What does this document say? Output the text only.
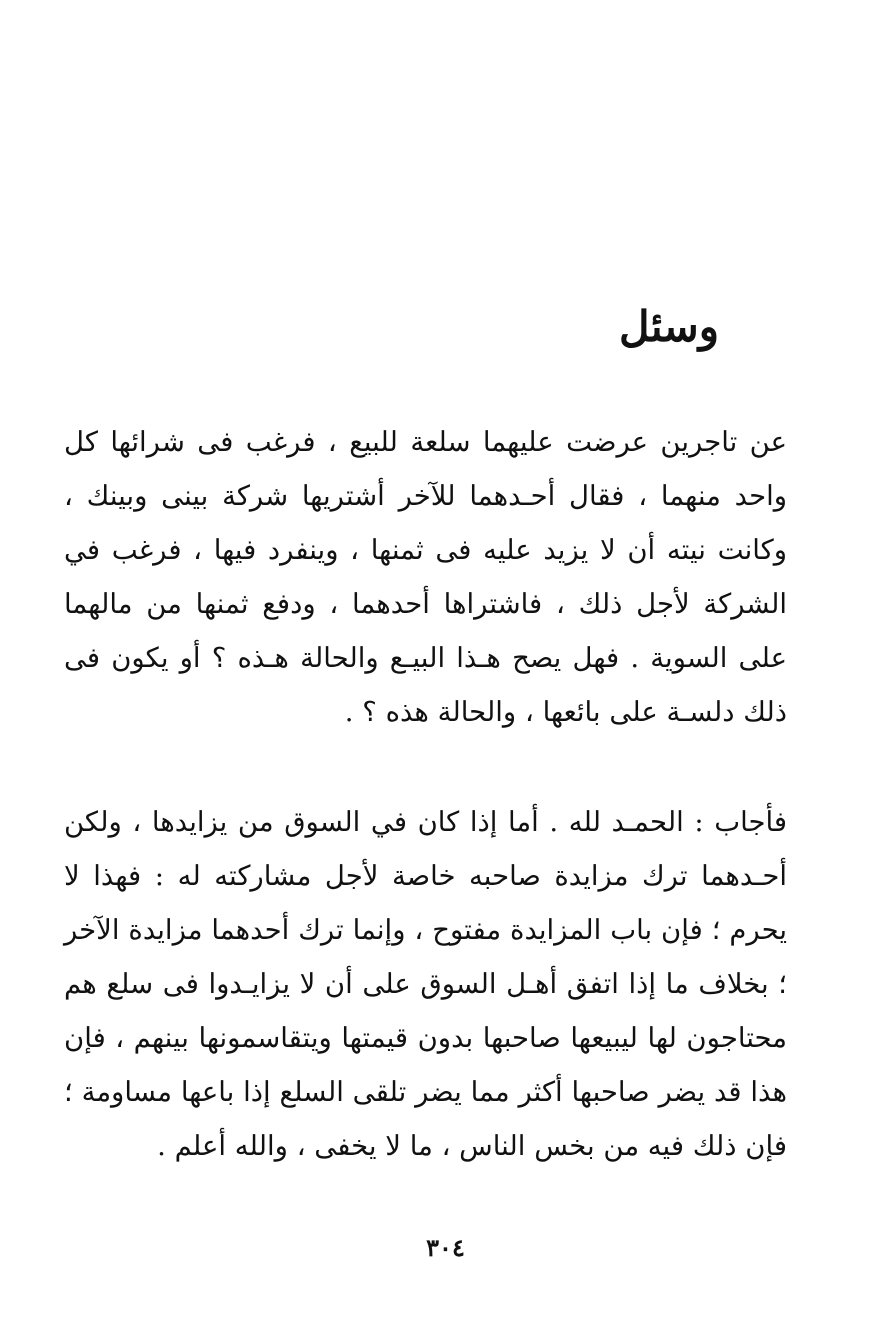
وسئل

عن تاجرين عرضت عليهما سلعة للبيع ، فرغب فى شرائها كل واحد منهما ، فقال أحـدهما للآخر أشتريها شركة بينى وبينك ، وكانت نيته أن لا يزيد عليه فى ثمنها ، وينفرد فيها ، فرغب في الشركة لأجل ذلك ، فاشتراها أحدهما ، ودفع ثمنها من مالهما على السوية . فهل يصح هـذا البيـع والحالة هـذه ؟ أو يكون فى ذلك دلسـة على بائعها ، والحالة هذه ؟ .

فأجاب : الحمـد لله . أما إذا كان في السوق من يزايدها ، ولكن أحـدهما ترك مزايدة صاحبه خاصة لأجل مشاركته له : فهذا لا يحرم ؛ فإن باب المزايدة مفتوح ، وإنما ترك أحدهما مزايدة الآخر ؛ بخلاف ما إذا اتفق أهـل السوق على أن لا يزايـدوا فى سلع هم محتاجون لها ليبيعها صاحبها بدون قيمتها ويتقاسمونها بينهم ، فإن هذا قد يضر صاحبها أكثر مما يضر تلقى السلع إذا باعها مساومة ؛ فإن ذلك فيه من بخس الناس ، ما لا يخفى ، والله أعلم .

٣٠٤
